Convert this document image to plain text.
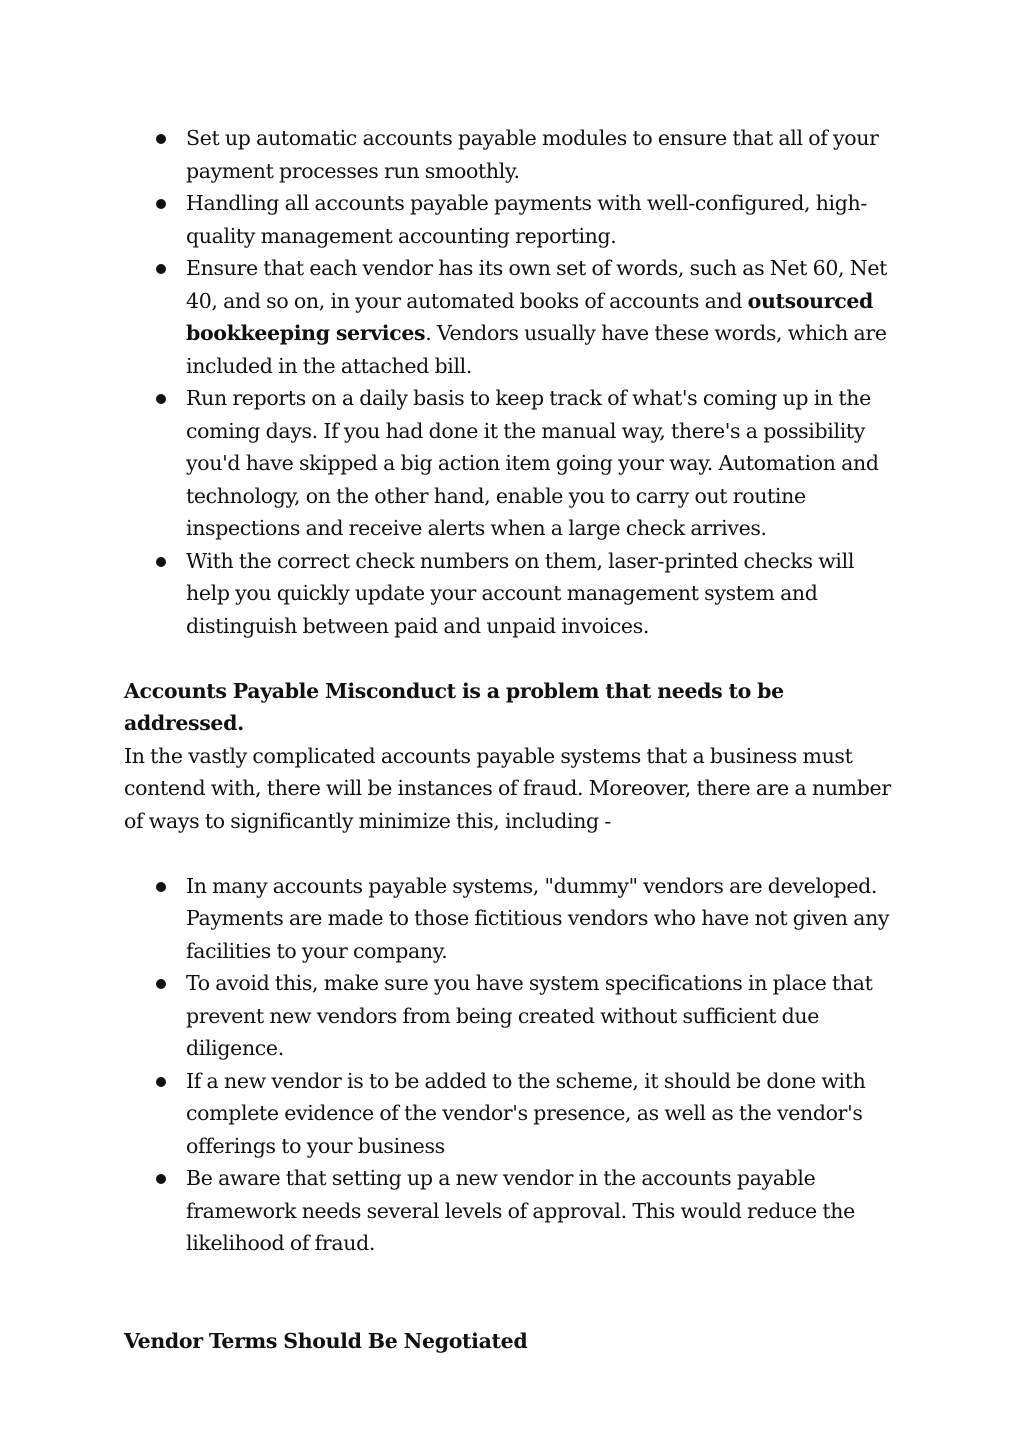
Set up automatic accounts payable modules to ensure that all of your payment processes run smoothly.
Handling all accounts payable payments with well-configured, high-quality management accounting reporting.
Ensure that each vendor has its own set of words, such as Net 60, Net 40, and so on, in your automated books of accounts and outsourced bookkeeping services. Vendors usually have these words, which are included in the attached bill.
Run reports on a daily basis to keep track of what's coming up in the coming days. If you had done it the manual way, there's a possibility you'd have skipped a big action item going your way. Automation and technology, on the other hand, enable you to carry out routine inspections and receive alerts when a large check arrives.
With the correct check numbers on them, laser-printed checks will help you quickly update your account management system and distinguish between paid and unpaid invoices.

Accounts Payable Misconduct is a problem that needs to be addressed.
In the vastly complicated accounts payable systems that a business must contend with, there will be instances of fraud. Moreover, there are a number of ways to significantly minimize this, including -

In many accounts payable systems, "dummy" vendors are developed. Payments are made to those fictitious vendors who have not given any facilities to your company.
To avoid this, make sure you have system specifications in place that prevent new vendors from being created without sufficient due diligence.
If a new vendor is to be added to the scheme, it should be done with complete evidence of the vendor's presence, as well as the vendor's offerings to your business
Be aware that setting up a new vendor in the accounts payable framework needs several levels of approval. This would reduce the likelihood of fraud.

Vendor Terms Should Be Negotiated
